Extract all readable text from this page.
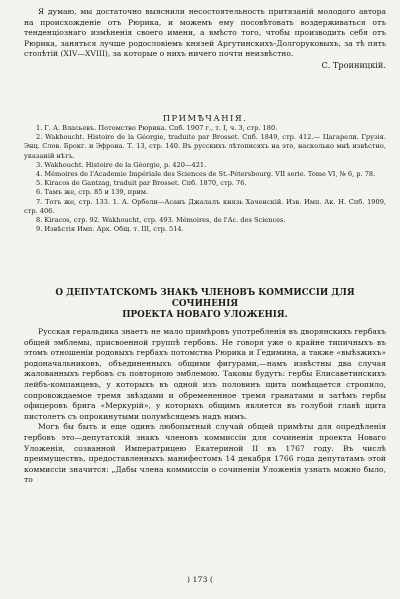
Я думаю, мы достаточно выяснили несостоятельность притязаній молодого автора на происхожденіе отъ Рюрика, и можемъ ему посовѣтовать воздерживаться отъ тенденціознаго измѣненія своего имени, а вмѣсто того, чтобы производить себя отъ Рюрика, заняться лучше родословіемъ князей Аргутинскихъ-Долгоруковыхъ, за тѣ пять столѣтій (XIV—XVIII), за которые о нихъ ничего почти неизвѣстно.

С. Троиницкій.

ПРИМѢЧАНІЯ.

1. Г. А. Власьевъ. Потомство Рюрика. Спб. 1907 г., т. I, ч. 3, стр. 180.

2. Wakhoucht. Histoire de la Géorgie, traduite par Brosset. Спб. 1849, стр. 412.— Цагарели. Грузія. Энц. Слов. Брокг. и Эфрона. Т. 13, стр. 140. Въ русскихъ лѣтописяхъ на это, насколько мнѣ извѣстно, указаній нѣтъ.

3. Wakhoucht. Histoire de la Géorgie, p. 420—421.

4. Mémoires de l'Academie Impériale des Sciences de St.-Pétersbourg. VII serie. Tome VI, № 6, p. 78.

5. Kiracos de Gantzag, traduit par Brosset. Спб. 1870, стр. 76.

6. Тамъ же, стр. 85 и 139, прим.

7. Тотъ же, стр. 133. 1. А. Орбели—Асанъ Джалалъ князь Хаченскій. Изв. Имп. Ак. Н. Спб. 1909, стр. 406.

8. Kiracos, стр. 92. Wakhoucht, стр. 493. Mémoires, de l'Ac. des Sciences.

9. Извѣстія Имп. Арх. Общ. т. III, стр. 514.

О ДЕПУТАТСКОМЪ ЗНАКѢ ЧЛЕНОВЪ КОММИССІИ ДЛЯ СОЧИНЕНІЯ

ПРОЕКТА НОВАГО УЛОЖЕНІЯ.

Русская геральдика знаетъ не мало примѣровъ употребленія въ дворянскихъ гербахъ общей эмблемы, присвоенной группѣ гербовъ. Не говоря уже о крайне типичныхъ въ этомъ отношеніи родовыхъ гербахъ потомства Рюрика и Гедимина, а также «выѣзжихъ» родоначальниковъ, объединенныхъ общими фигурами,—намъ извѣстны два случая жалованныхъ гербовъ съ повторною эмблемою. Таковы будутъ: гербы Елисаветинскихъ лейбъ-компанцевъ, у которыхъ въ одной изъ половинъ щита помѣщается стропило, сопровождаемое тремя звѣздами и обремененное тремя гранатами и затѣмъ гербы офицеровъ брига «Меркурій», у которыхъ общимъ является въ голубой главѣ щита пистолетъ съ опрокинутыми полумѣсяцемъ надъ нимъ.

Могъ бы быть и еще одинъ любопытный случай общей примѣты для опредѣленія гербовъ это—депутатскій знакъ членовъ коммиссіи для сочиненія проекта Новаго Уложенія, созванной Императрицею Екатериной II въ 1767 году. Въ числѣ преимуществъ, предоставленныхъ манифестомъ 14 декабря 1766 года депутатамъ этой коммиссіи значится: „Дабы члена коммиссіи о сочиненіи Уложенія узнать можно было, то

) 173 (
